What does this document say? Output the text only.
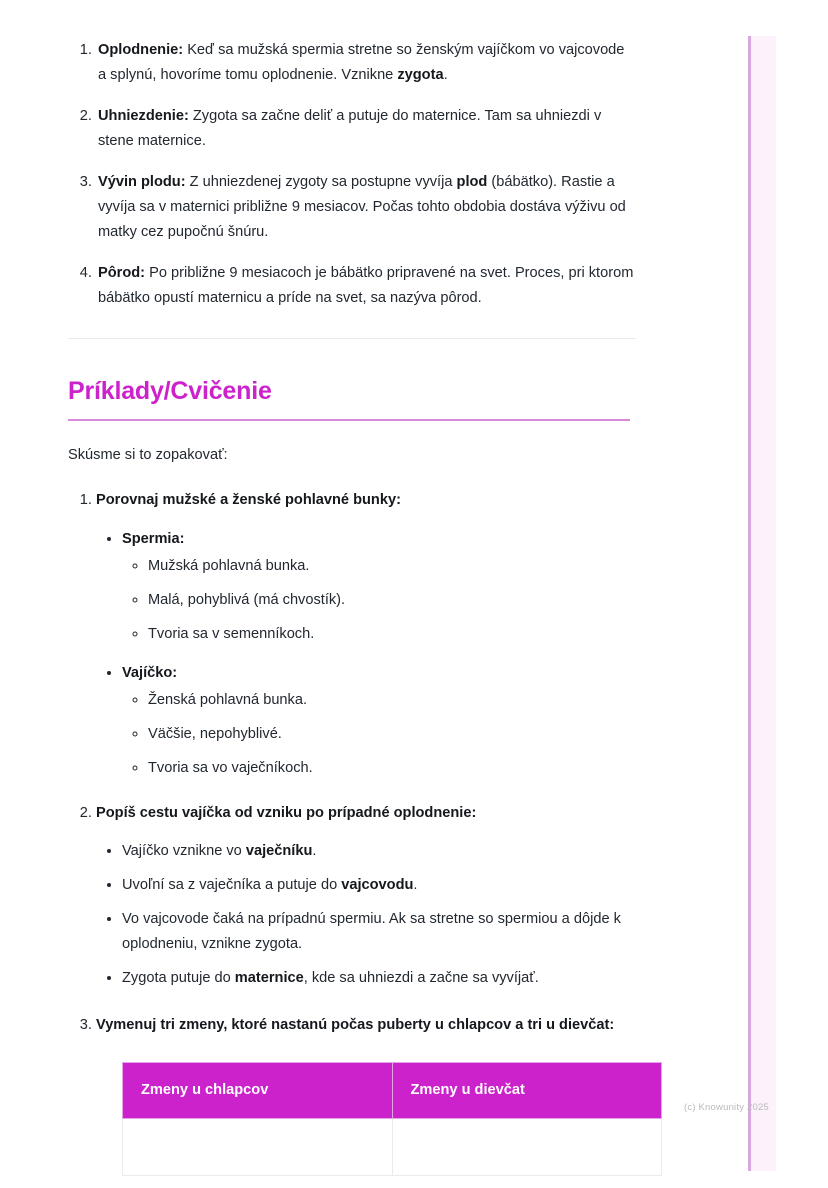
(c) Knowunity 2025
1. Oplodnenie: Keď sa mužská spermia stretne so ženským vajíčkom vo vajcovode a splynú, hovoríme tomu oplodnenie. Vznikne zygota.
2. Uhniezdenie: Zygota sa začne deliť a putuje do maternice. Tam sa uhniezdi v stene maternice.
3. Vývin plodu: Z uhniezdenej zygoty sa postupne vyvíja plod (bábätko). Rastie a vyvíja sa v maternici približne 9 mesiacov. Počas tohto obdobia dostáva výživu od matky cez pupočnú šnúru.
4. Pôrod: Po približne 9 mesiacoch je bábätko pripravené na svet. Proces, pri ktorom bábätko opustí maternicu a príde na svet, sa nazýva pôrod.
Príklady/Cvičenie

Skúsme si to zopakovať:

1. Porovnaj mužské a ženské pohlavné bunky:
• Spermia:
◦ Mužská pohlavná bunka.
◦ Malá, pohyblivá (má chvostík).
◦ Tvoria sa v semenníkoch.
• Vajíčko:
◦ Ženská pohlavná bunka.
◦ Väčšie, nepohyblivé.
◦ Tvoria sa vo vaječníkoch.
2. Popíš cestu vajíčka od vzniku po prípadné oplodnenie:
• Vajíčko vznikne vo vaječníku.
• Uvoľní sa z vaječníka a putuje do vajcovodu.
• Vo vajcovode čaká na prípadnú spermiu. Ak sa stretne so spermiou a dôjde k oplodneniu, vznikne zygota.
• Zygota putuje do maternice, kde sa uhniezdi a začne sa vyvíjať.
3. Vymenuj tri zmeny, ktoré nastanú počas puberty u chlapcov a tri u dievčat:
Zmeny u chlapcov	Zmeny u dievčat
